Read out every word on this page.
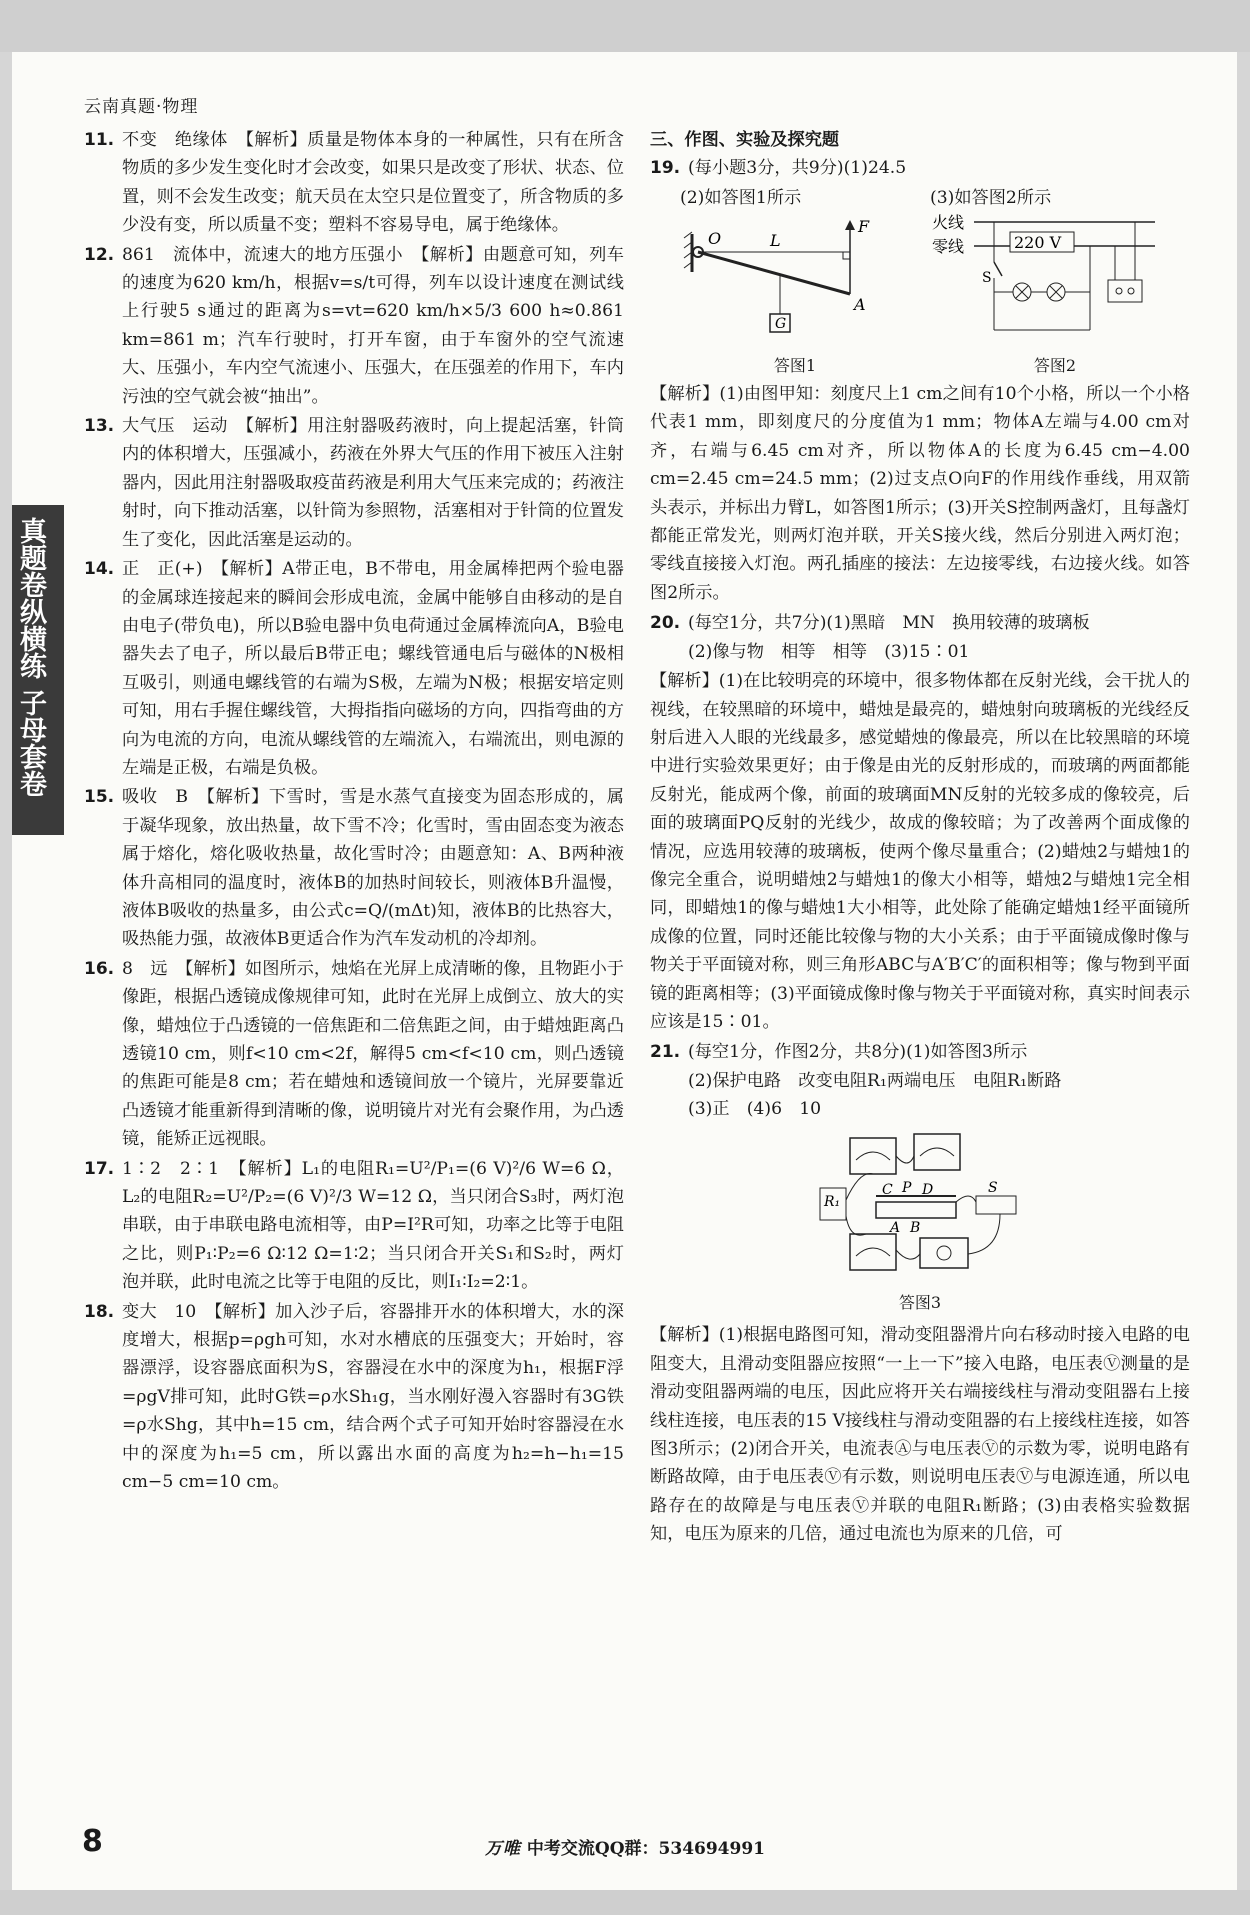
云南真题·物理
真题卷纵横练
子母套卷
11. 不变　绝缘体　【解析】质量是物体本身的一种属性，只有在所含物质的多少发生变化时才会改变，如果只是改变了形状、状态、位置，则不会发生改变；航天员在太空只是位置变了，所含物质的多少没有变，所以质量不变；塑料不容易导电，属于绝缘体。
12. 861　流体中，流速大的地方压强小　【解析】由题意可知，列车的速度为620 km/h，根据v=s/t可得，列车以设计速度在测试线上行驶5 s通过的距离为s=vt=620 km/h×5/3 600 h≈0.861 km=861 m；汽车行驶时，打开车窗，由于车窗外的空气流速大、压强小，车内空气流速小、压强大，在压强差的作用下，车内污浊的空气就会被“抽出”。
13. 大气压　运动　【解析】用注射器吸药液时，向上提起活塞，针筒内的体积增大，压强减小，药液在外界大气压的作用下被压入注射器内，因此用注射器吸取疫苗药液是利用大气压来完成的；药液注射时，向下推动活塞，以针筒为参照物，活塞相对于针筒的位置发生了变化，因此活塞是运动的。
14. 正　正(+)　【解析】A带正电，B不带电，用金属棒把两个验电器的金属球连接起来的瞬间会形成电流，金属中能够自由移动的是自由电子(带负电)，所以B验电器中负电荷通过金属棒流向A，B验电器失去了电子，所以最后B带正电；螺线管通电后与磁体的N极相互吸引，则通电螺线管的右端为S极，左端为N极；根据安培定则可知，用右手握住螺线管，大拇指指向磁场的方向，四指弯曲的方向为电流的方向，电流从螺线管的左端流入，右端流出，则电源的左端是正极，右端是负极。
15. 吸收　B　【解析】下雪时，雪是水蒸气直接变为固态形成的，属于凝华现象，放出热量，故下雪不冷；化雪时，雪由固态变为液态属于熔化，熔化吸收热量，故化雪时冷；由题意知：A、B两种液体升高相同的温度时，液体B的加热时间较长，则液体B升温慢，液体B吸收的热量多，由公式c=Q/(mΔt)知，液体B的比热容大，吸热能力强，故液体B更适合作为汽车发动机的冷却剂。
16. 8　远　【解析】如图所示，烛焰在光屏上成清晰的像，且物距小于像距，根据凸透镜成像规律可知，此时在光屏上成倒立、放大的实像，蜡烛位于凸透镜的一倍焦距和二倍焦距之间，由于蜡烛距离凸透镜10 cm，则f<10 cm<2f，解得5 cm<f<10 cm，则凸透镜的焦距可能是8 cm；若在蜡烛和透镜间放一个镜片，光屏要靠近凸透镜才能重新得到清晰的像，说明镜片对光有会聚作用，为凸透镜，能矫正远视眼。
17. 1∶2　2∶1　【解析】L₁的电阻R₁=U²/P₁=(6 V)²/6 W=6 Ω，L₂的电阻R₂=U²/P₂=(6 V)²/3 W=12 Ω，当只闭合S₃时，两灯泡串联，由于串联电路电流相等，由P=I²R可知，功率之比等于电阻之比，则P₁∶P₂=6 Ω∶12 Ω=1∶2；当只闭合开关S₁和S₂时，两灯泡并联，此时电流之比等于电阻的反比，则I₁∶I₂=2∶1。
18. 变大　10　【解析】加入沙子后，容器排开水的体积增大，水的深度增大，根据p=ρgh可知，水对水槽底的压强变大；开始时，容器漂浮，设容器底面积为S，容器浸在水中的深度为h₁，根据F浮=ρgV排可知，此时G铁=ρ水Sh₁g，当水刚好漫入容器时有3G铁=ρ水Shg，其中h=15 cm，结合两个式子可知开始时容器浸在水中的深度为h₁=5 cm，所以露出水面的高度为h₂=h−h₁=15 cm−5 cm=10 cm。
三、作图、实验及探究题
19. (每小题3分，共9分)(1)24.5
(2)如答图1所示
O	L
F
A
G
答图1
(3)如答图2所示
火线
零线	220 V
S
答图2
【解析】(1)由图甲知：刻度尺上1 cm之间有10个小格，所以一个小格代表1 mm，即刻度尺的分度值为1 mm；物体A左端与4.00 cm对齐，右端与6.45 cm对齐，所以物体A的长度为6.45 cm−4.00 cm=2.45 cm=24.5 mm；(2)过支点O向F的作用线作垂线，用双箭头表示，并标出力臂L，如答图1所示；(3)开关S控制两盏灯，且每盏灯都能正常发光，则两灯泡并联，开关S接火线，然后分别进入两灯泡；零线直接接入灯泡。两孔插座的接法：左边接零线，右边接火线。如答图2所示。
20. (每空1分，共7分)(1)黑暗　MN　换用较薄的玻璃板
(2)像与物　相等　相等　(3)15∶01
【解析】(1)在比较明亮的环境中，很多物体都在反射光线，会干扰人的视线，在较黑暗的环境中，蜡烛是最亮的，蜡烛射向玻璃板的光线经反射后进入人眼的光线最多，感觉蜡烛的像最亮，所以在比较黑暗的环境中进行实验效果更好；由于像是由光的反射形成的，而玻璃的两面都能反射光，能成两个像，前面的玻璃面MN反射的光较多成的像较亮，后面的玻璃面PQ反射的光线少，故成的像较暗；为了改善两个面成像的情况，应选用较薄的玻璃板，使两个像尽量重合；(2)蜡烛2与蜡烛1的像完全重合，说明蜡烛2与蜡烛1的像大小相等，蜡烛2与蜡烛1完全相同，即蜡烛1的像与蜡烛1大小相等，此处除了能确定蜡烛1经平面镜所成像的位置，同时还能比较像与物的大小关系；由于平面镜成像时像与物关于平面镜对称，则三角形ABC与A′B′C′的面积相等；像与物到平面镜的距离相等；(3)平面镜成像时像与物关于平面镜对称，真实时间表示应该是15∶01。
21. (每空1分，作图2分，共8分)(1)如答图3所示
(2)保护电路　改变电阻R₁两端电压　电阻R₁断路
(3)正　(4)6　10
R₁
C P D
A B
S
答图3
【解析】(1)根据电路图可知，滑动变阻器滑片向右移动时接入电路的电阻变大，且滑动变阻器应按照“一上一下”接入电路，电压表Ⓥ测量的是滑动变阻器两端的电压，因此应将开关右端接线柱与滑动变阻器右上接线柱连接，电压表的15 V接线柱与滑动变阻器的右上接线柱连接，如答图3所示；(2)闭合开关，电流表Ⓐ与电压表Ⓥ的示数为零，说明电路有断路故障，由于电压表Ⓥ有示数，则说明电压表Ⓥ与电源连通，所以电路存在的故障是与电压表Ⓥ并联的电阻R₁断路；(3)由表格实验数据知，电压为原来的几倍，通过电流也为原来的几倍，可
8	万唯 中考交流QQ群：534694991
